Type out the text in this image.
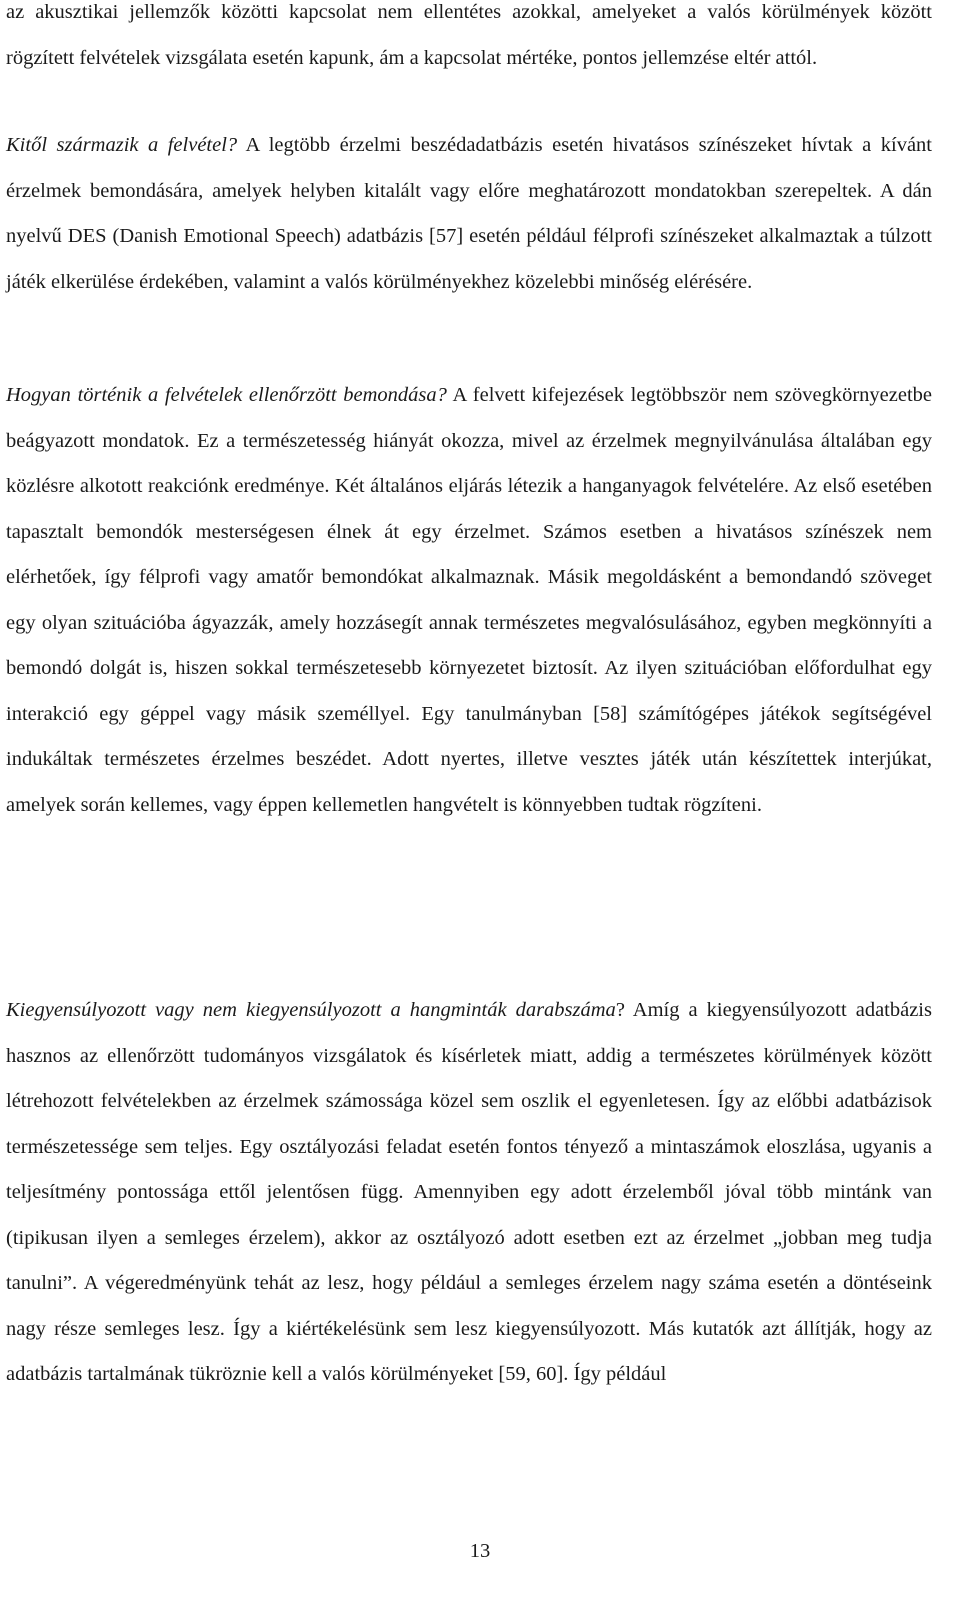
az akusztikai jellemzők közötti kapcsolat nem ellentétes azokkal, amelyeket a valós körülmények között rögzített felvételek vizsgálata esetén kapunk, ám a kapcsolat mértéke, pontos jellemzése eltér attól.

Kitől származik a felvétel? A legtöbb érzelmi beszédadatbázis esetén hivatásos színészeket hívtak a kívánt érzelmek bemondására, amelyek helyben kitalált vagy előre meghatározott mondatokban szerepeltek. A dán nyelvű DES (Danish Emotional Speech) adatbázis [57] esetén például félprofi színészeket alkalmaztak a túlzott játék elkerülése érdekében, valamint a valós körülményekhez közelebbi minőség elérésére.

Hogyan történik a felvételek ellenőrzött bemondása? A felvett kifejezések legtöbbször nem szövegkörnyezetbe beágyazott mondatok. Ez a természetesség hiányát okozza, mivel az érzelmek megnyilvánulása általában egy közlésre alkotott reakciónk eredménye. Két általános eljárás létezik a hanganyagok felvételére. Az első esetében tapasztalt bemondók mesterségesen élnek át egy érzelmet. Számos esetben a hivatásos színészek nem elérhetőek, így félprofi vagy amatőr bemondókat alkalmaznak. Másik megoldásként a bemondandó szöveget egy olyan szituációba ágyazzák, amely hozzásegít annak természetes megvalósulásához, egyben megkönnyíti a bemondó dolgát is, hiszen sokkal természetesebb környezetet biztosít. Az ilyen szituációban előfordulhat egy interakció egy géppel vagy másik személlyel. Egy tanulmányban [58] számítógépes játékok segítségével indukáltak természetes érzelmes beszédet. Adott nyertes, illetve vesztes játék után készítettek interjúkat, amelyek során kellemes, vagy éppen kellemetlen hangvételt is könnyebben tudtak rögzíteni.

Kiegyensúlyozott vagy nem kiegyensúlyozott a hangminták darabszáma? Amíg a kiegyensúlyozott adatbázis hasznos az ellenőrzött tudományos vizsgálatok és kísérletek miatt, addig a természetes körülmények között létrehozott felvételekben az érzelmek számossága közel sem oszlik el egyenletesen. Így az előbbi adatbázisok természetessége sem teljes. Egy osztályozási feladat esetén fontos tényező a mintaszámok eloszlása, ugyanis a teljesítmény pontossága ettől jelentősen függ. Amennyiben egy adott érzelemből jóval több mintánk van (tipikusan ilyen a semleges érzelem), akkor az osztályozó adott esetben ezt az érzelmet „jobban meg tudja tanulni”. A végeredményünk tehát az lesz, hogy például a semleges érzelem nagy száma esetén a döntéseink nagy része semleges lesz. Így a kiértékelésünk sem lesz kiegyensúlyozott. Más kutatók azt állítják, hogy az adatbázis tartalmának tükröznie kell a valós körülményeket [59, 60]. Így például

13
